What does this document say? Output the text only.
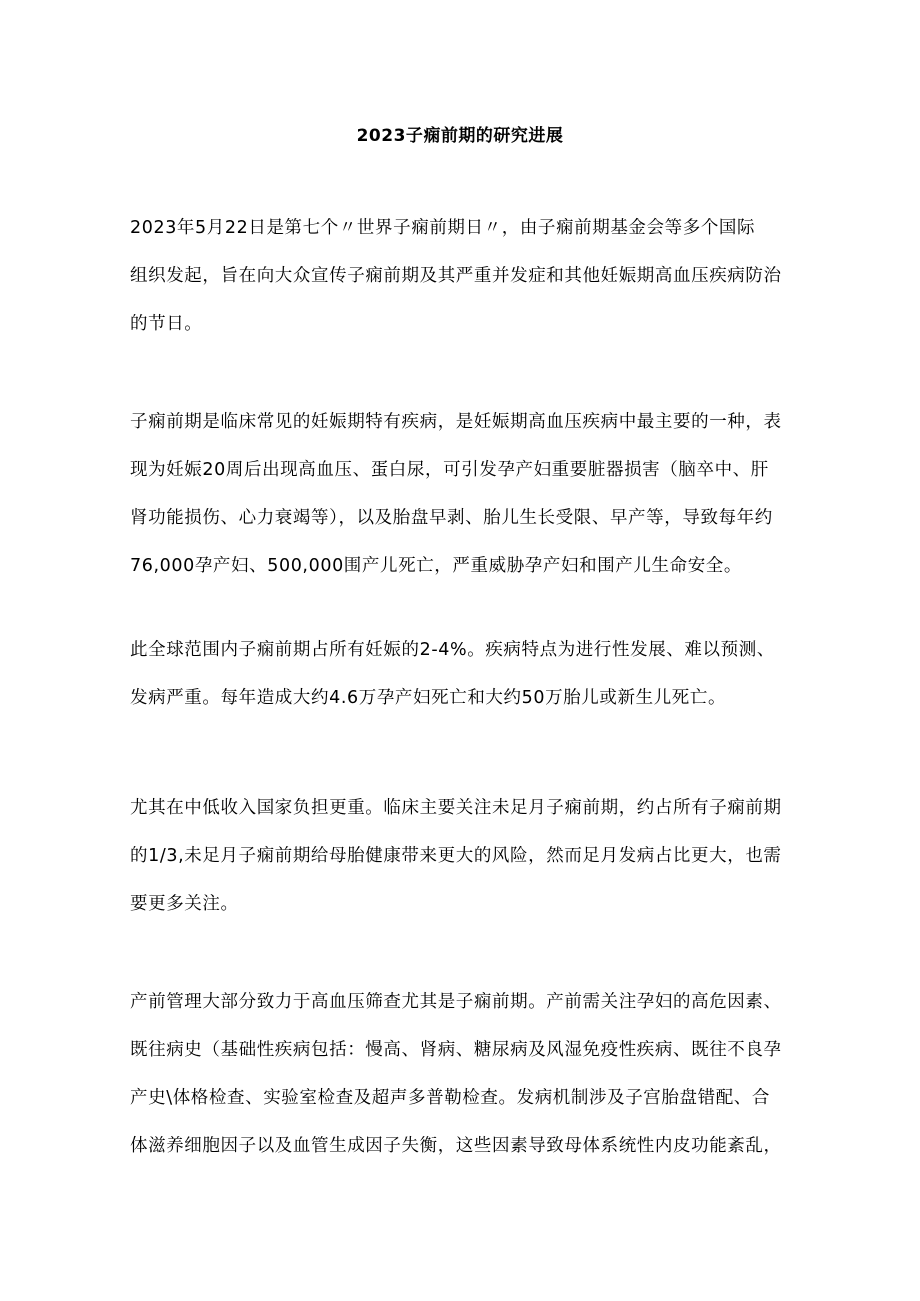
2023子痫前期的研究进展
2023年5月22日是第七个〃世界子痫前期日〃，由子痫前期基金会等多个国际
组织发起，旨在向大众宣传子痫前期及其严重并发症和其他妊娠期高血压疾病防治
的节日。
子痫前期是临床常见的妊娠期特有疾病，是妊娠期高血压疾病中最主要的一种，表
现为妊娠20周后出现高血压、蛋白尿，可引发孕产妇重要脏器损害（脑卒中、肝
肾功能损伤、心力衰竭等），以及胎盘早剥、胎儿生长受限、早产等，导致每年约
76,000孕产妇、500,000围产儿死亡，严重威胁孕产妇和围产儿生命安全。
此全球范围内子痫前期占所有妊娠的2-4%。疾病特点为进行性发展、难以预测、
发病严重。每年造成大约4.6万孕产妇死亡和大约50万胎儿或新生儿死亡。
尤其在中低收入国家负担更重。临床主要关注未足月子痫前期，约占所有子痫前期
的1/3,未足月子痫前期给母胎健康带来更大的风险，然而足月发病占比更大，也需
要更多关注。
产前管理大部分致力于高血压筛查尤其是子痫前期。产前需关注孕妇的高危因素、
既往病史（基础性疾病包括：慢高、肾病、糖尿病及风湿免疫性疾病、既往不良孕
产史\体格检查、实验室检查及超声多普勒检查。发病机制涉及子宫胎盘错配、合
体滋养细胞因子以及血管生成因子失衡，这些因素导致母体系统性内皮功能紊乱，
